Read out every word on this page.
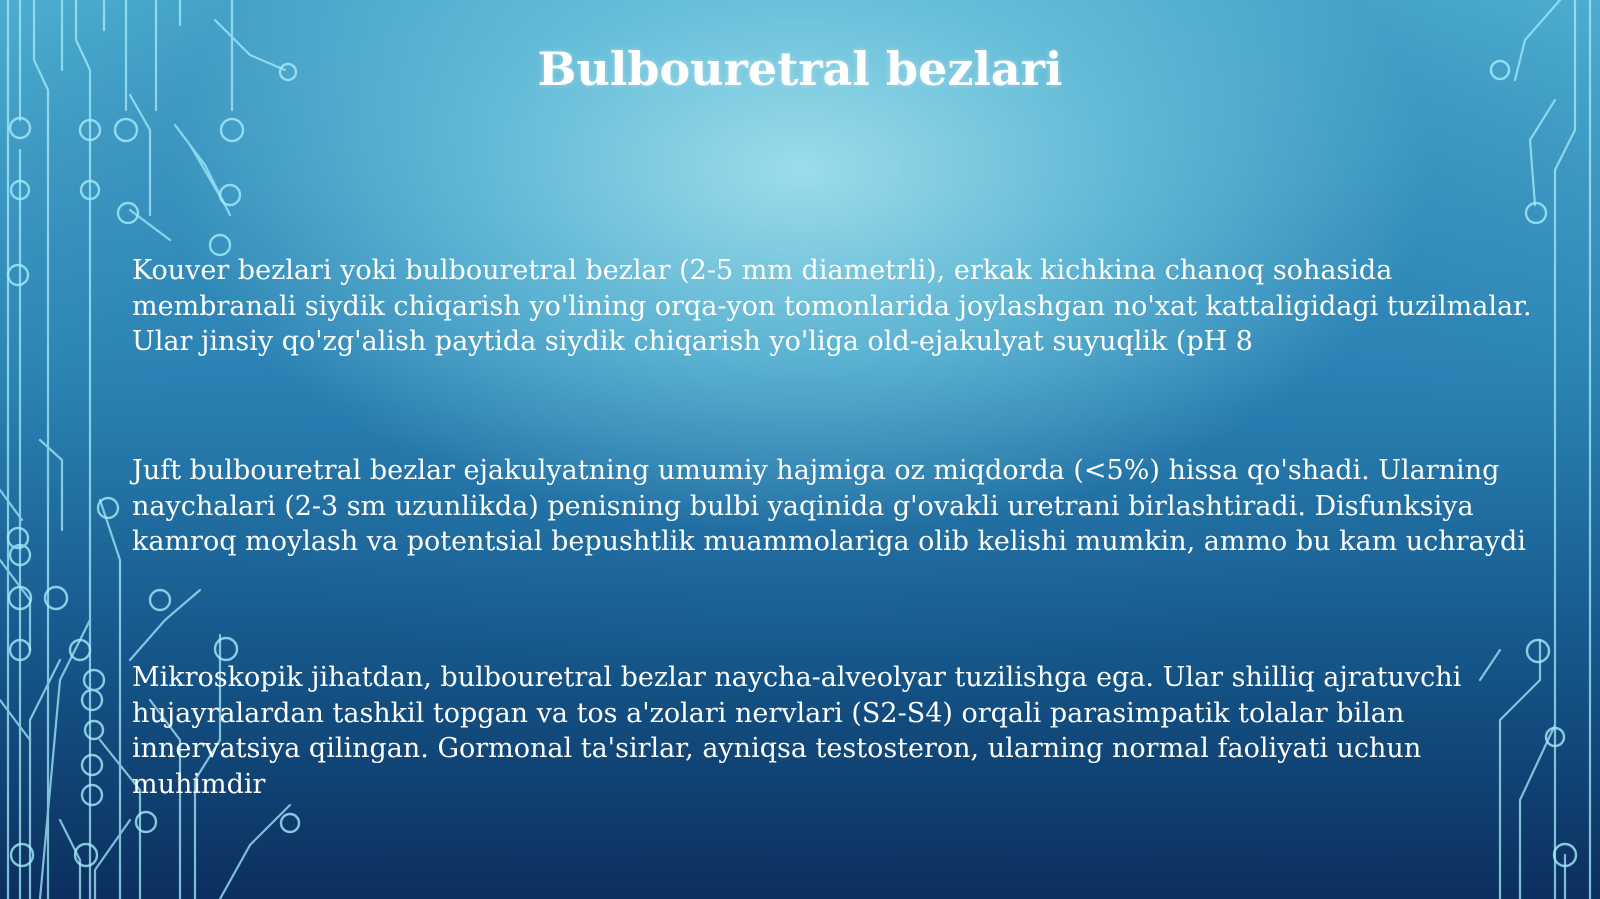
Bulbouretral bezlari

Kouver bezlari yoki bulbouretral bezlar (2-5 mm diametrli), erkak kichkina chanoq sohasida membranali siydik chiqarish yo'lining orqa-yon tomonlarida joylashgan no'xat kattaligidagi tuzilmalar. Ular jinsiy qo'zg'alish paytida siydik chiqarish yo'liga old-ejakulyat suyuqlik (pH 8

Juft bulbouretral bezlar ejakulyatning umumiy hajmiga oz miqdorda (<5%) hissa qo'shadi. Ularning naychalari (2-3 sm uzunlikda) penisning bulbi yaqinida g'ovakli uretrani birlashtiradi. Disfunksiya kamroq moylash va potentsial bepushtlik muammolariga olib kelishi mumkin, ammo bu kam uchraydi

Mikroskopik jihatdan, bulbouretral bezlar naycha-alveolyar tuzilishga ega. Ular shilliq ajratuvchi hujayralardan tashkil topgan va tos a'zolari nervlari (S2-S4) orqali parasimpatik tolalar bilan innervatsiya qilingan. Gormonal ta'sirlar, ayniqsa testosteron, ularning normal faoliyati uchun muhimdir
